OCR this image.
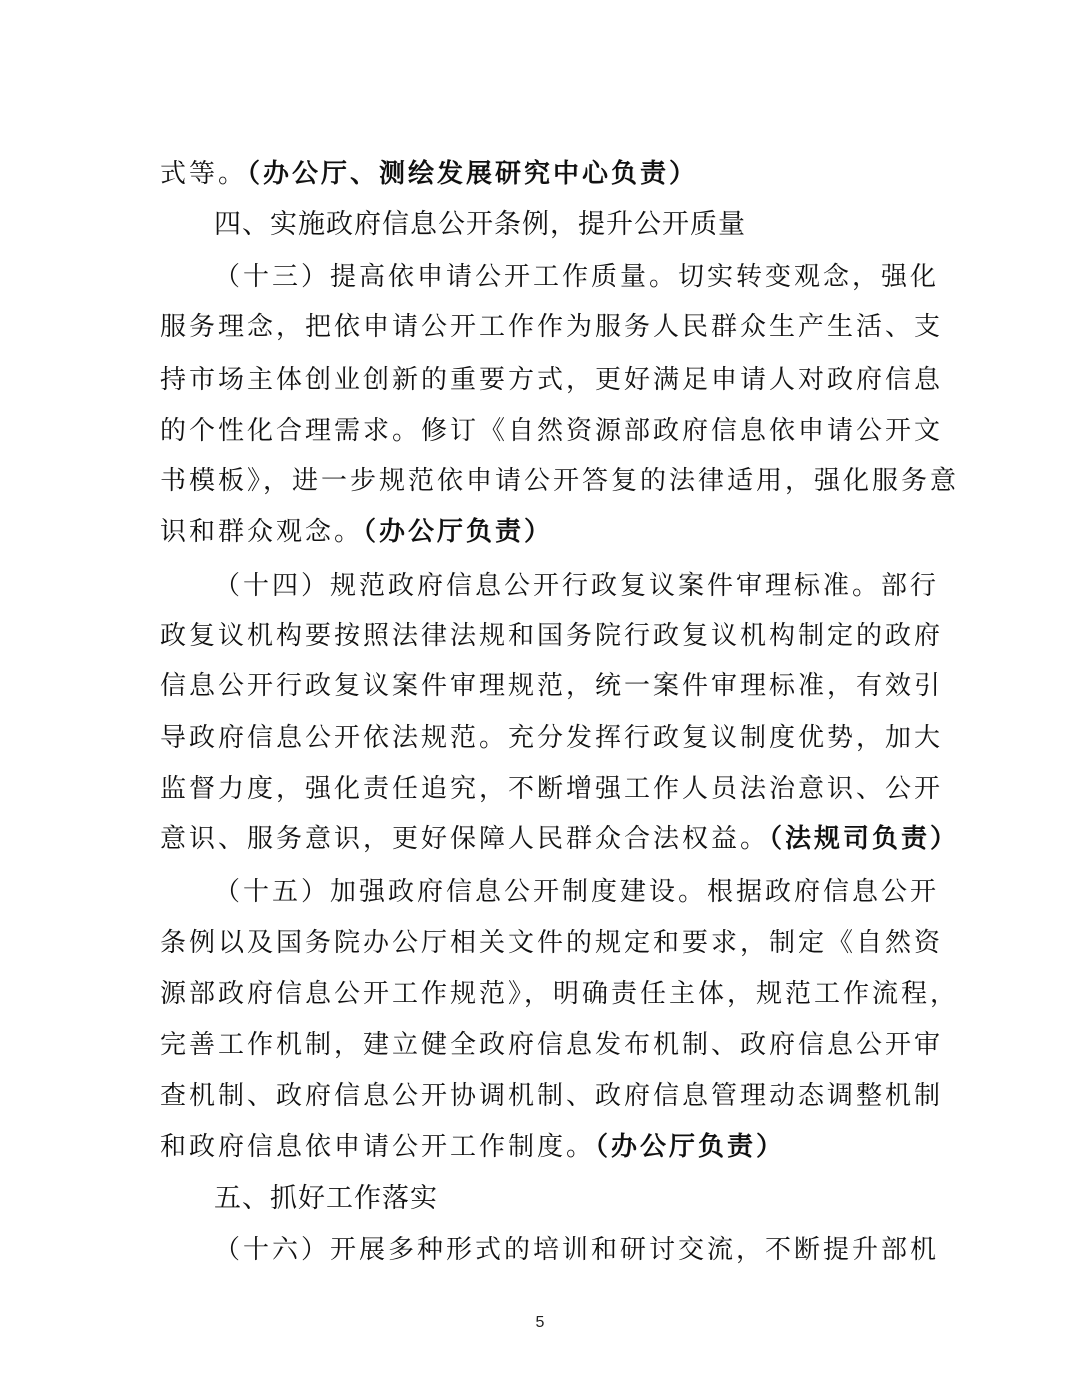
式等。（办公厅、测绘发展研究中心负责）
四、实施政府信息公开条例，提升公开质量
（十三）提高依申请公开工作质量。切实转变观念，强化
服务理念，把依申请公开工作作为服务人民群众生产生活、支
持市场主体创业创新的重要方式，更好满足申请人对政府信息
的个性化合理需求。修订《自然资源部政府信息依申请公开文
书模板》，进一步规范依申请公开答复的法律适用，强化服务意
识和群众观念。（办公厅负责）
（十四）规范政府信息公开行政复议案件审理标准。部行
政复议机构要按照法律法规和国务院行政复议机构制定的政府
信息公开行政复议案件审理规范，统一案件审理标准，有效引
导政府信息公开依法规范。充分发挥行政复议制度优势，加大
监督力度，强化责任追究，不断增强工作人员法治意识、公开
意识、服务意识，更好保障人民群众合法权益。（法规司负责）
（十五）加强政府信息公开制度建设。根据政府信息公开
条例以及国务院办公厅相关文件的规定和要求，制定《自然资
源部政府信息公开工作规范》，明确责任主体，规范工作流程，
完善工作机制，建立健全政府信息发布机制、政府信息公开审
查机制、政府信息公开协调机制、政府信息管理动态调整机制
和政府信息依申请公开工作制度。（办公厅负责）
五、抓好工作落实
（十六）开展多种形式的培训和研讨交流，不断提升部机
5
